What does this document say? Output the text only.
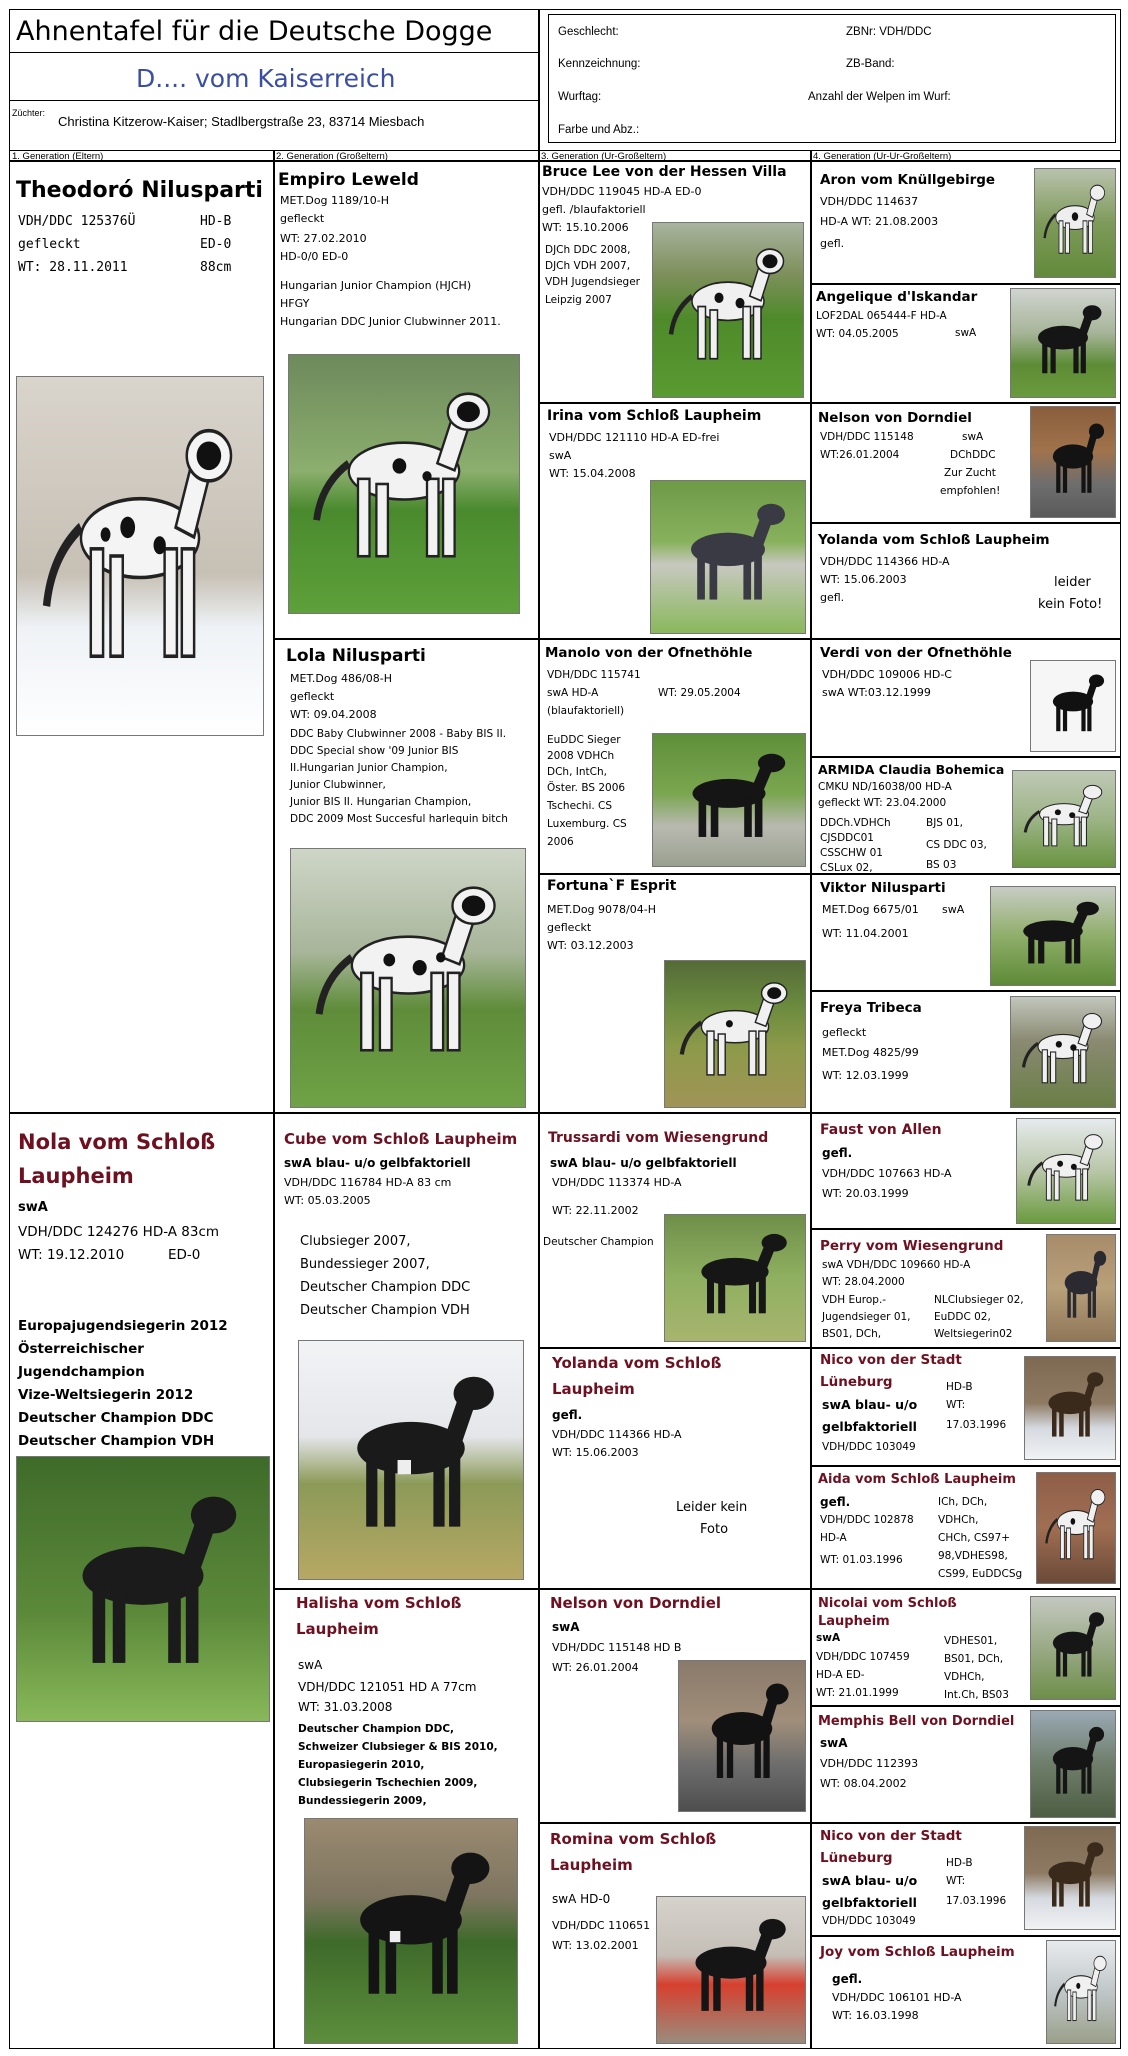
Ahnentafel für die Deutsche Dogge
D.... vom Kaiserreich
Züchter:
Christina Kitzerow-Kaiser; Stadlbergstraße 23, 83714 Miesbach
Geschlecht:
Kennzeichnung:
Wurftag:
Farbe und Abz.:
ZBNr: VDH/DDC
ZB-Band:
Anzahl der Welpen im Wurf:
1. Generation (Eltern)	2. Generation (Großeltern)	3. Generation (Ur-Großeltern)	4. Generation (Ur-Ur-Großeltern)
Theodoró Nilusparti
VDH/DDC 125376Ü	HD-B
gefleckt	ED-0
WT: 28.11.2011	88cm
Nola vom Schloß
Laupheim
swA
VDH/DDC 124276 HD-A 83cm
WT: 19.12.2010	ED-0
Europajugendsiegerin 2012
Österreichischer
Jugendchampion
Vize-Weltsiegerin 2012
Deutscher Champion DDC
Deutscher Champion VDH
Empiro Leweld
MET.Dog 1189/10-H
gefleckt
WT: 27.02.2010
HD-0/0 ED-0
Hungarian Junior Champion (HJCH)
HFGY
Hungarian DDC Junior Clubwinner 2011.
Lola Nilusparti
MET.Dog 486/08-H
gefleckt
WT: 09.04.2008
DDC Baby Clubwinner 2008 - Baby BIS II.
DDC Special show '09 Junior BIS
II.Hungarian Junior Champion,
Junior Clubwinner,
Junior BIS II. Hungarian Champion,
DDC 2009 Most Succesful harlequin bitch
Cube vom Schloß Laupheim
swA blau- u/o gelbfaktoriell
VDH/DDC 116784 HD-A 83 cm
WT: 05.03.2005
Clubsieger 2007,
Bundessieger 2007,
Deutscher Champion DDC
Deutscher Champion VDH
Halisha vom Schloß
Laupheim
swA
VDH/DDC 121051 HD A 77cm
WT: 31.03.2008
Deutscher Champion DDC,
Schweizer Clubsieger & BIS 2010,
Europasiegerin 2010,
Clubsiegerin Tschechien 2009,
Bundessiegerin 2009,
Bruce Lee von der Hessen Villa
VDH/DDC 119045 HD-A ED-0
gefl. /blaufaktoriell
WT: 15.10.2006
DJCh DDC 2008,
DJCh VDH 2007,
VDH Jugendsieger
Leipzig 2007
Irina vom Schloß Laupheim
VDH/DDC 121110 HD-A ED-frei
swA
WT: 15.04.2008
Manolo von der Ofnethöhle
VDH/DDC 115741
swA HD-A	WT: 29.05.2004
(blaufaktoriell)
EuDDC Sieger
2008 VDHCh
DCh, IntCh,
Öster. BS 2006
Tschechi. CS
Luxemburg. CS
2006
Fortuna`F Esprit
MET.Dog 9078/04-H
gefleckt
WT: 03.12.2003
Trussardi vom Wiesengrund
swA blau- u/o gelbfaktoriell
VDH/DDC 113374 HD-A
WT: 22.11.2002
Deutscher Champion
Yolanda vom Schloß
Laupheim
gefl.
VDH/DDC 114366 HD-A
WT: 15.06.2003
Leider kein
Foto
Nelson von Dorndiel
swA
VDH/DDC 115148 HD B
WT: 26.01.2004
Romina vom Schloß
Laupheim
swA HD-0
VDH/DDC 110651
WT: 13.02.2001
Aron vom Knüllgebirge
VDH/DDC 114637
HD-A WT: 21.08.2003
gefl.
Angelique d'Iskandar
LOF2DAL 065444-F HD-A
WT: 04.05.2005	swA
Nelson von Dorndiel
VDH/DDC 115148	swA
WT:26.01.2004	DChDDC
Zur Zucht
empfohlen!
Yolanda vom Schloß Laupheim
VDH/DDC 114366 HD-A
WT: 15.06.2003
gefl.
leider
kein Foto!
Verdi von der Ofnethöhle
VDH/DDC 109006 HD-C
swA WT:03.12.1999
ARMIDA Claudia Bohemica
CMKU ND/16038/00 HD-A
gefleckt WT: 23.04.2000
DDCh.VDHCh
CJSDDC01
CSSCHW 01
CSLux 02,
BJS 01,
CS DDC 03,
BS 03
Viktor Nilusparti
MET.Dog 6675/01 swA
WT: 11.04.2001
Freya Tribeca
gefleckt
MET.Dog 4825/99
WT: 12.03.1999
Faust von Allen
gefl.
VDH/DDC 107663 HD-A
WT: 20.03.1999
Perry vom Wiesengrund
swA VDH/DDC 109660 HD-A
WT: 28.04.2000
VDH Europ.-
Jugendsieger 01,
BS01, DCh,
NLClubsieger 02,
EuDDC 02,
Weltsiegerin02
Nico von der Stadt
Lüneburg
swA blau- u/o
gelbfaktoriell
VDH/DDC 103049
HD-B
WT:
17.03.1996
Aida vom Schloß Laupheim
gefl.
VDH/DDC 102878
HD-A
WT: 01.03.1996
ICh, DCh,
VDHCh,
CHCh, CS97+
98,VDHES98,
CS99, EuDDCSg
Nicolai vom Schloß
Laupheim
swA
VDH/DDC 107459
HD-A ED-
WT: 21.01.1999
VDHES01,
BS01, DCh,
VDHCh,
Int.Ch, BS03
Memphis Bell von Dorndiel
swA
VDH/DDC 112393
WT: 08.04.2002
Nico von der Stadt
Lüneburg
swA blau- u/o
gelbfaktoriell
VDH/DDC 103049
HD-B
WT:
17.03.1996
Joy vom Schloß Laupheim
gefl.
VDH/DDC 106101 HD-A
WT: 16.03.1998
